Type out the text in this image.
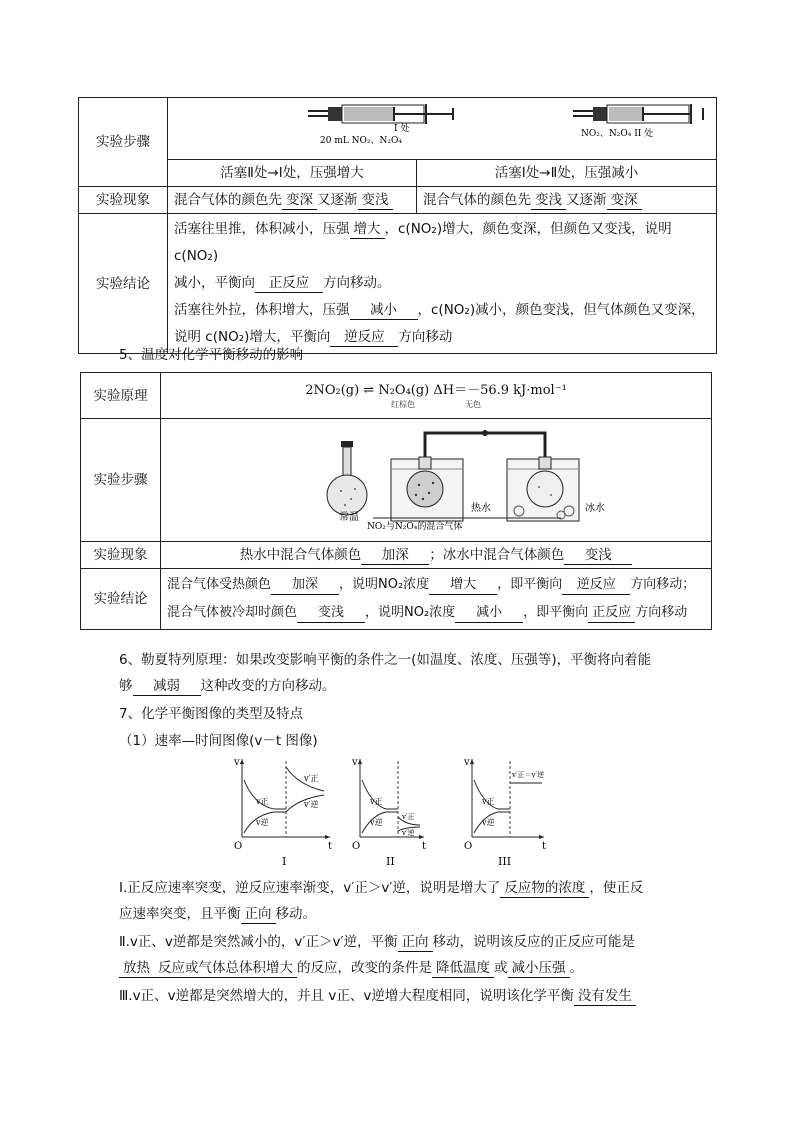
实验步骤	I 处
20 mL NO₂、N₂O₄
NO₂、N₂O₄ II 处	

	活塞Ⅱ处→Ⅰ处，压强增大	活塞Ⅰ处→Ⅱ处，压强减小
实验现象	混合气体的颜色先 变深 又逐渐 变浅	混合气体的颜色先 变浅 又逐渐 变深
实验结论	活塞往里推，体积减小，压强 增大 ，c(NO₂)增大，颜色变深，但颜色又变浅，说明 c(NO₂)
减小，平衡向 正反应 方向移动。
活塞往外拉，体积增大，压强 减小 ，c(NO₂)减小，颜色变浅，但气体颜色又变深，
说明 c(NO₂)增大，平衡向 逆反应 方向移动	
5、温度对化学平衡移动的影响
实验原理	2NO₂(g) ⇌ N₂O₄(g) ΔH＝－56.9 kJ·mol⁻¹
红棕色 无色

实验步骤	常温
热水 冰水
NO₂与N₂O₄的混合气体

实验现象	热水中混合气体颜色 加深 ；冰水中混合气体颜色 变浅
实验结论	混合气体受热颜色 加深 ，说明NO₂浓度 增大 ，即平衡向 逆反应 方向移动；
混合气体被冷却时颜色 变浅 ，说明NO₂浓度 减小 ，即平衡向 正反应 方向移动
6、勒夏特列原理：如果改变影响平衡的条件之一(如温度、浓度、压强等)，平衡将向着能
够 减弱 这种改变的方向移动。
7、化学平衡图像的类型及特点
（1）速率—时间图像(v－t 图像)
v
O	t
v正
v逆
v′正
v′逆
I
v
O	t
v正
v逆
v′正
v′逆
II
v
O	t
v正
v逆
v′正＝v′逆
III
Ⅰ.正反应速率突变，逆反应速率渐变，v′正＞v′逆，说明是增大了 反应物的浓度 ，使正反
应速率突变，且平衡 正向 移动。
Ⅱ.v正、v逆都是突然减小的，v′正＞v′逆，平衡 正向 移动，说明该反应的正反应可能是
放热 反应或气体总体积增大 的反应，改变的条件是 降低温度 或 减小压强 。
Ⅲ.v正、v逆都是突然增大的，并且 v正、v逆增大程度相同，说明该化学平衡 没有发生
